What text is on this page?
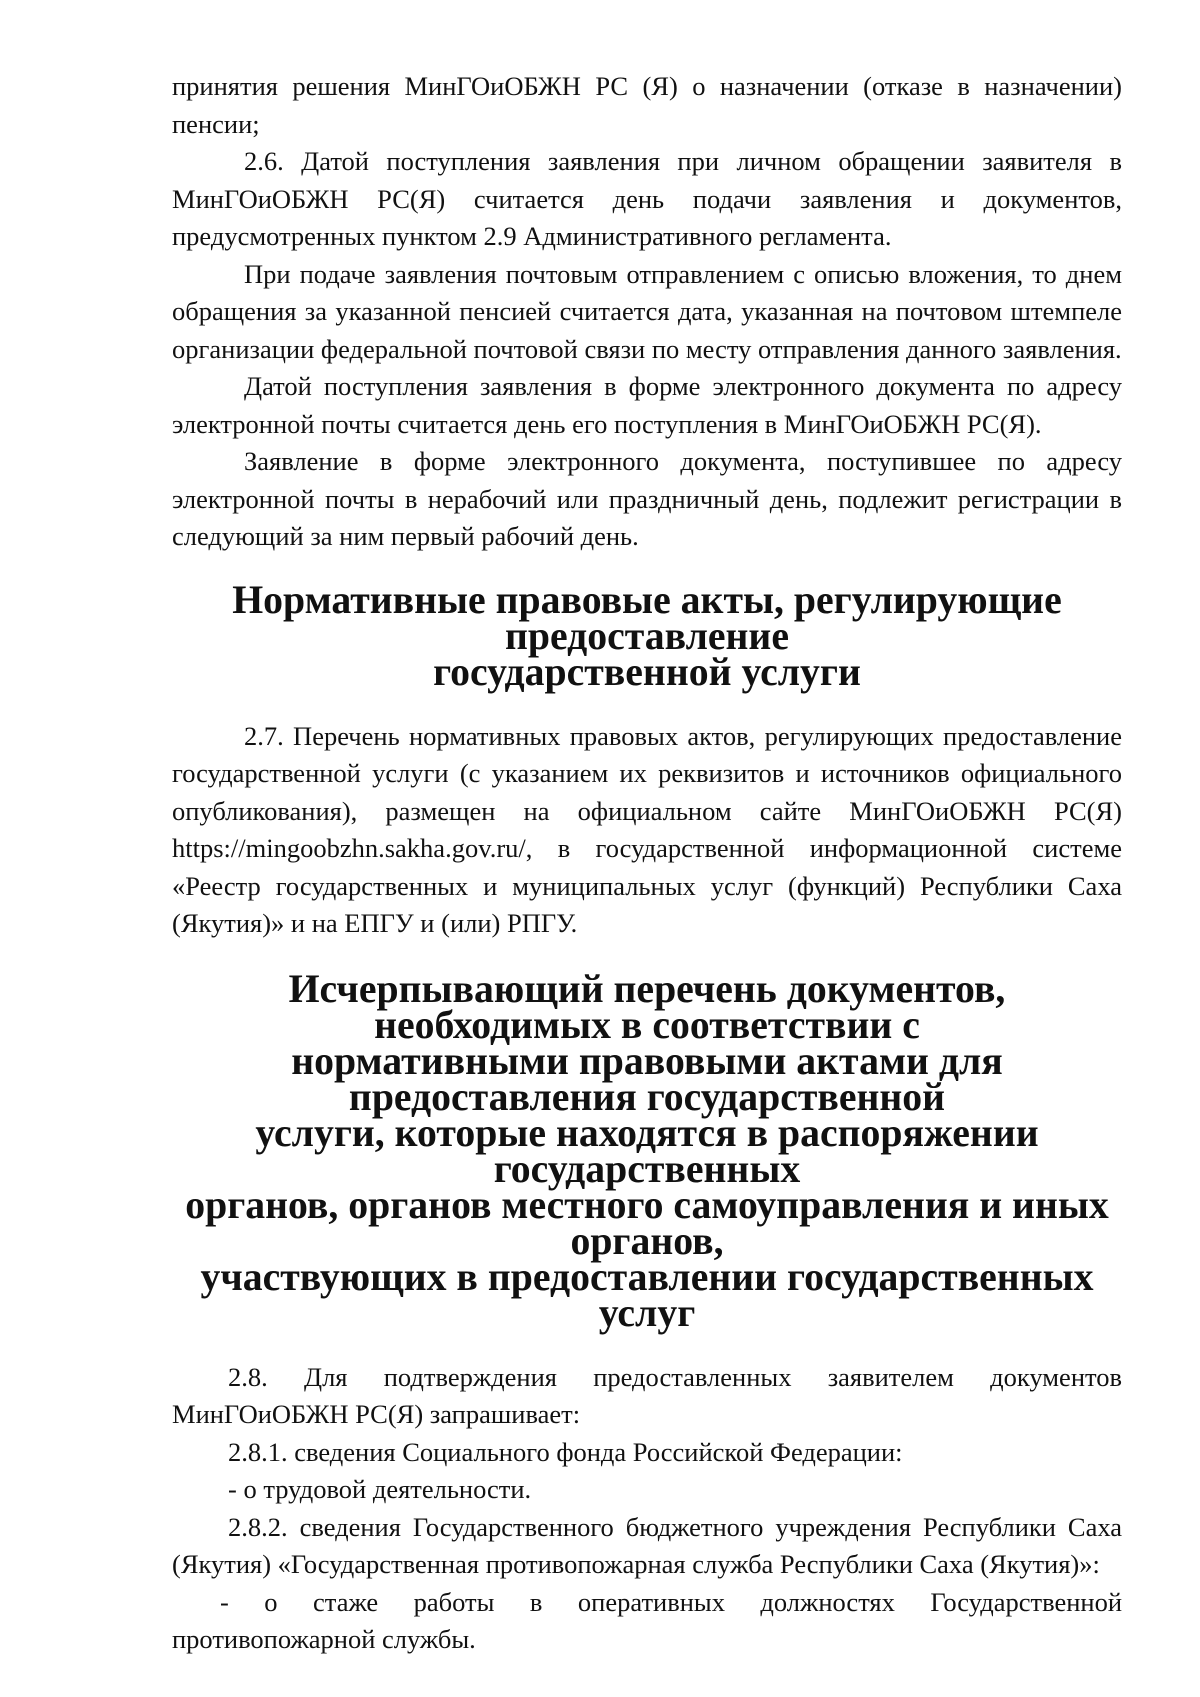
принятия решения МинГОиОБЖН РС (Я) о назначении (отказе в назначении) пенсии;

2.6. Датой поступления заявления при личном обращении заявителя в МинГОиОБЖН РС(Я) считается день подачи заявления и документов, предусмотренных пунктом 2.9 Административного регламента.

При подаче заявления почтовым отправлением с описью вложения, то днем обращения за указанной пенсией считается дата, указанная на почтовом штемпеле организации федеральной почтовой связи по месту отправления данного заявления.

Датой поступления заявления в форме электронного документа по адресу электронной почты считается день его поступления в МинГОиОБЖН РС(Я).

Заявление в форме электронного документа, поступившее по адресу электронной почты в нерабочий или праздничный день, подлежит регистрации в следующий за ним первый рабочий день.

Нормативные правовые акты, регулирующие предоставление
государственной услуги

2.7. Перечень нормативных правовых актов, регулирующих предоставление государственной услуги (с указанием их реквизитов и источников официального опубликования), размещен на официальном сайте МинГОиОБЖН РС(Я) https://mingoobzhn.sakha.gov.ru/, в государственной информационной системе «Реестр государственных и муниципальных услуг (функций) Республики Саха (Якутия)» и на ЕПГУ и (или) РПГУ.

Исчерпывающий перечень документов, необходимых в соответствии с
нормативными правовыми актами для предоставления государственной
услуги, которые находятся в распоряжении государственных
органов, органов местного самоуправления и иных органов,
участвующих в предоставлении государственных услуг

2.8. Для подтверждения предоставленных заявителем документов МинГОиОБЖН РС(Я) запрашивает:

2.8.1. сведения Социального фонда Российской Федерации:

- о трудовой деятельности.

2.8.2. сведения Государственного бюджетного учреждения Республики Саха (Якутия) «Государственная противопожарная служба Республики Саха (Якутия)»:

- о стаже работы в оперативных должностях Государственной противопожарной службы.
